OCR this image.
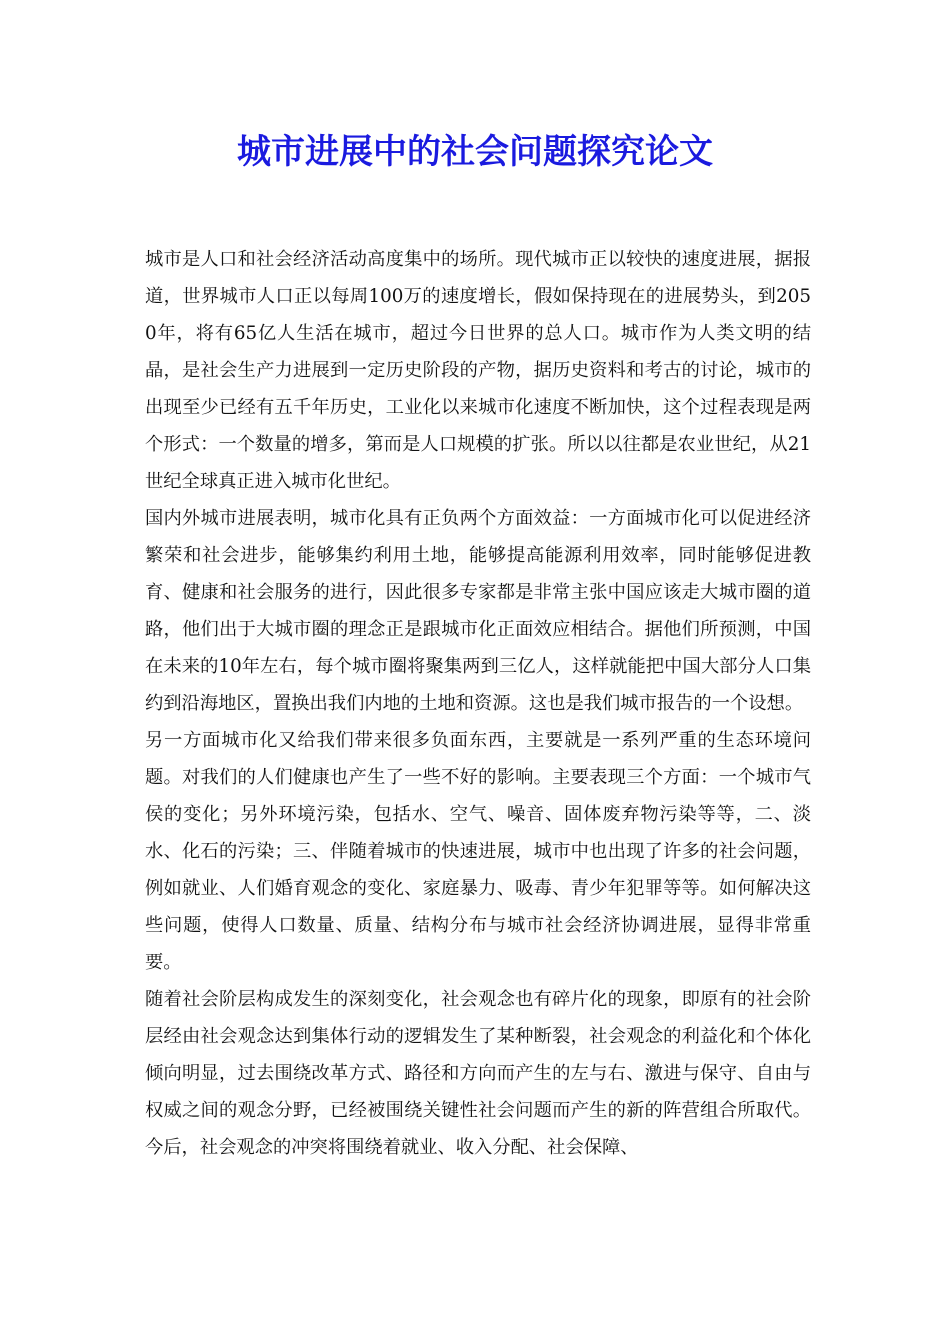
城市进展中的社会问题探究论文

城市是人口和社会经济活动高度集中的场所。现代城市正以较快的速度进展，据报道，世界城市人口正以每周100万的速度增长，假如保持现在的进展势头，到2050年，将有65亿人生活在城市，超过今日世界的总人口。城市作为人类文明的结晶，是社会生产力进展到一定历史阶段的产物，据历史资料和考古的讨论，城市的出现至少已经有五千年历史，工业化以来城市化速度不断加快，这个过程表现是两个形式：一个数量的增多，第而是人口规模的扩张。所以以往都是农业世纪，从21世纪全球真正进入城市化世纪。

国内外城市进展表明，城市化具有正负两个方面效益：一方面城市化可以促进经济繁荣和社会进步，能够集约利用土地，能够提高能源利用效率，同时能够促进教育、健康和社会服务的进行，因此很多专家都是非常主张中国应该走大城市圈的道路，他们出于大城市圈的理念正是跟城市化正面效应相结合。据他们所预测，中国在未来的10年左右，每个城市圈将聚集两到三亿人，这样就能把中国大部分人口集约到沿海地区，置换出我们内地的土地和资源。这也是我们城市报告的一个设想。

另一方面城市化又给我们带来很多负面东西，主要就是一系列严重的生态环境问题。对我们的人们健康也产生了一些不好的影响。主要表现三个方面：一个城市气侯的变化；另外环境污染，包括水、空气、噪音、固体废弃物污染等等，二、淡水、化石的污染；三、伴随着城市的快速进展，城市中也出现了许多的社会问题，例如就业、人们婚育观念的变化、家庭暴力、吸毒、青少年犯罪等等。如何解决这些问题，使得人口数量、质量、结构分布与城市社会经济协调进展，显得非常重要。

随着社会阶层构成发生的深刻变化，社会观念也有碎片化的现象，即原有的社会阶层经由社会观念达到集体行动的逻辑发生了某种断裂，社会观念的利益化和个体化倾向明显，过去围绕改革方式、路径和方向而产生的左与右、激进与保守、自由与权威之间的观念分野，已经被围绕关键性社会问题而产生的新的阵营组合所取代。今后，社会观念的冲突将围绕着就业、收入分配、社会保障、
